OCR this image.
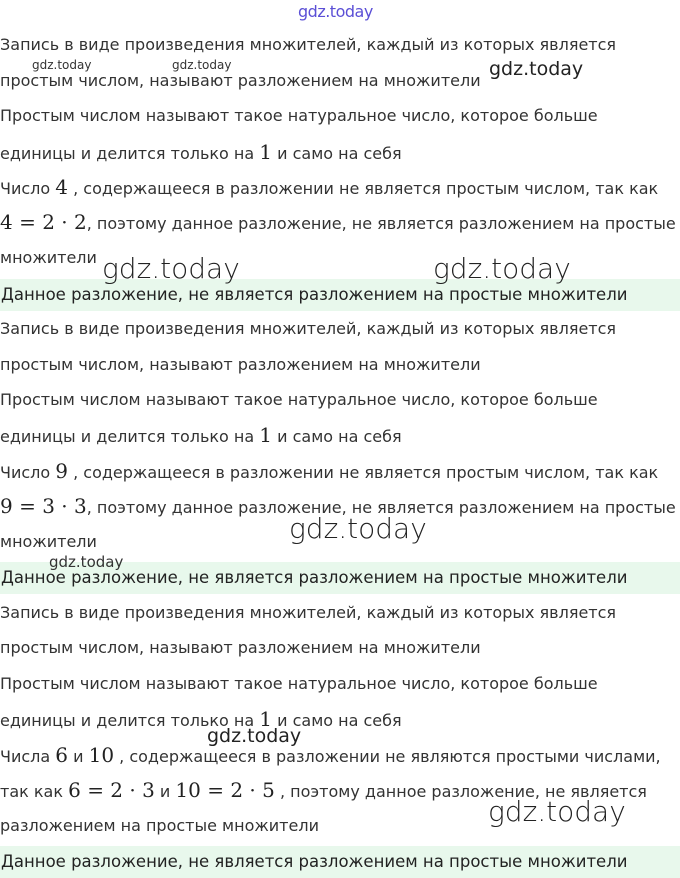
Запись в виде произведения множителей, каждый из которых является
простым числом, называют разложением на множители
Простым числом называют такое натуральное число, которое больше
единицы и делится только на 1 и само на себя
Число 4 , содержащееся в разложении не является простым числом, так как
4 = 2 · 2, поэтому данное разложение, не является разложением на простые
множители
Данное разложение, не является разложением на простые множители
Запись в виде произведения множителей, каждый из которых является
простым числом, называют разложением на множители
Простым числом называют такое натуральное число, которое больше
единицы и делится только на 1 и само на себя
Число 9 , содержащееся в разложении не является простым числом, так как
9 = 3 · 3, поэтому данное разложение, не является разложением на простые
множители
Данное разложение, не является разложением на простые множители
Запись в виде произведения множителей, каждый из которых является
простым числом, называют разложением на множители
Простым числом называют такое натуральное число, которое больше
единицы и делится только на 1 и само на себя
Числа 6 и 10 , содержащееся в разложении не являются простыми числами,
так как 6 = 2 · 3 и 10 = 2 · 5 , поэтому данное разложение, не является
разложением на простые множители
Данное разложение, не является разложением на простые множители
gdz.today
gdz.today	gdz.today	gdz.today
gdz.today	gdz.today
gdz.today
gdz.today
gdz.today
gdz.today
